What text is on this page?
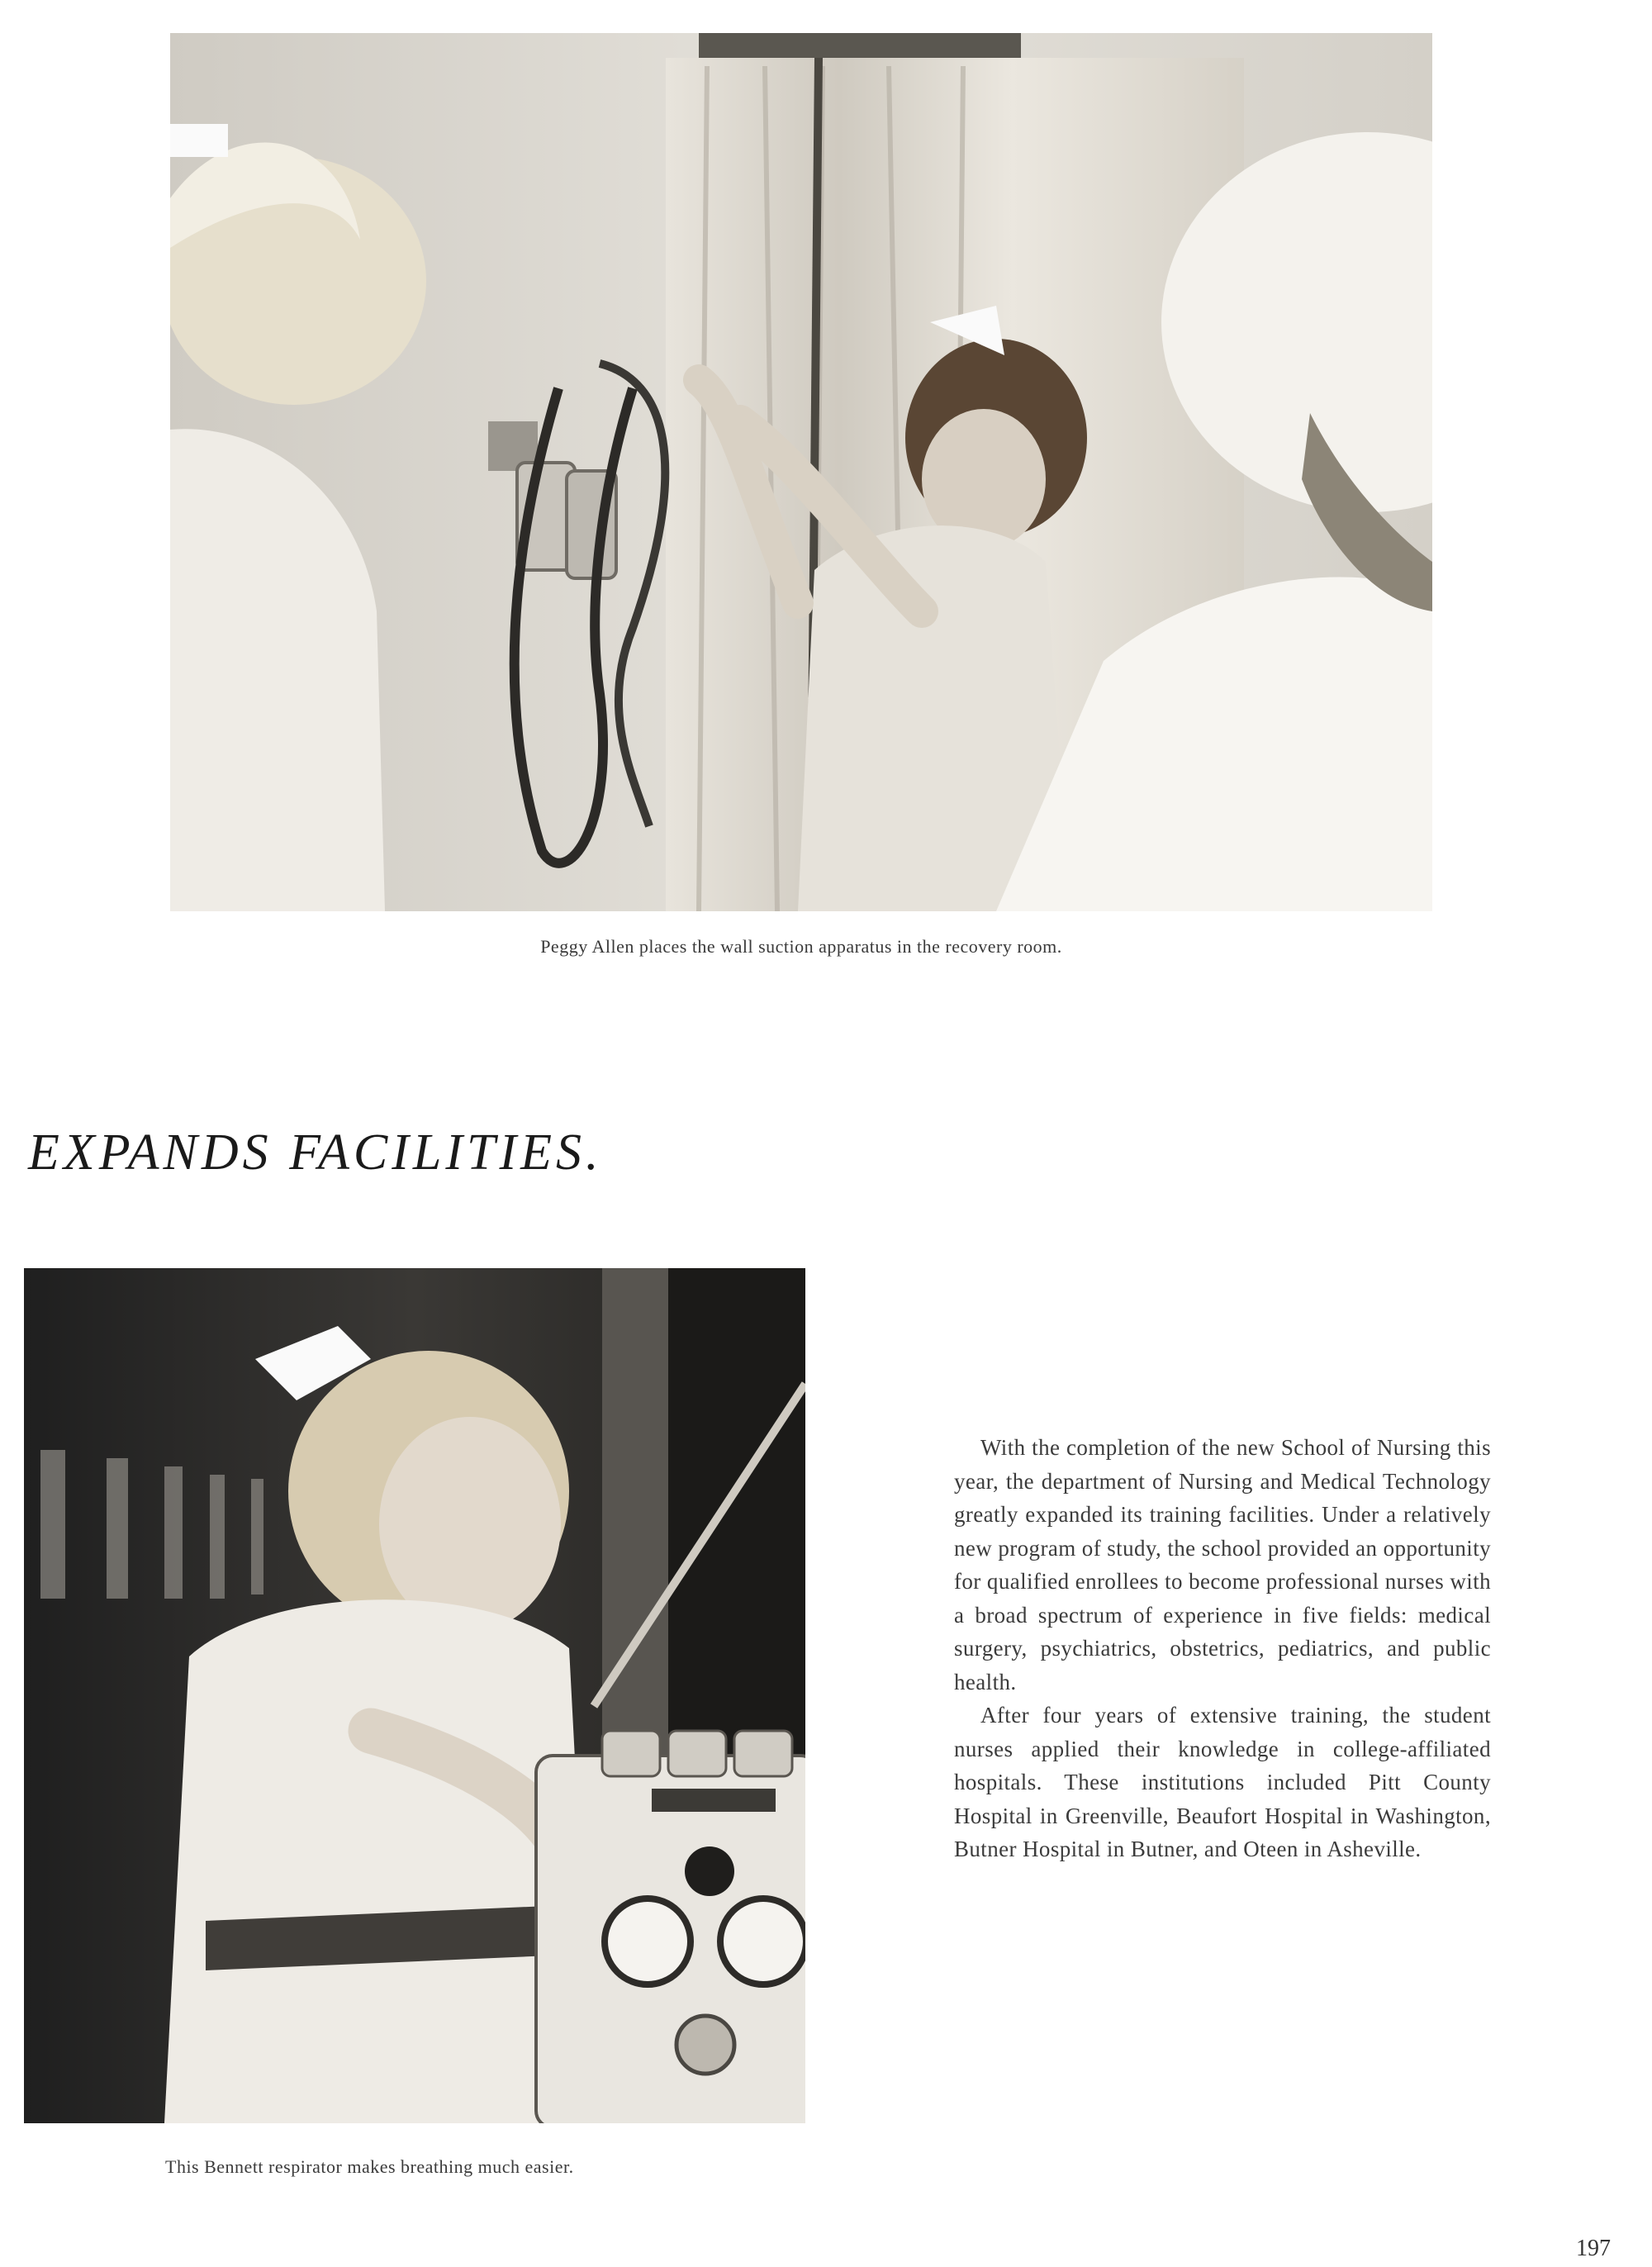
Peggy Allen places the wall suction apparatus in the recovery room.
EXPANDS FACILITIES.
This Bennett respirator makes breathing much easier.

With the completion of the new School of Nursing this year, the department of Nursing and Medical Technology greatly expanded its training facilities. Under a relatively new program of study, the school provided an opportunity for qualified enrollees to become professional nurses with a broad spectrum of experience in five fields: medical surgery, psychiatrics, obstetrics, pediatrics, and public health.

After four years of extensive training, the student nurses applied their knowledge in college-affiliated hospitals. These institutions included Pitt County Hospital in Greenville, Beaufort Hospital in Washington, Butner Hospital in Butner, and Oteen in Asheville.

197
